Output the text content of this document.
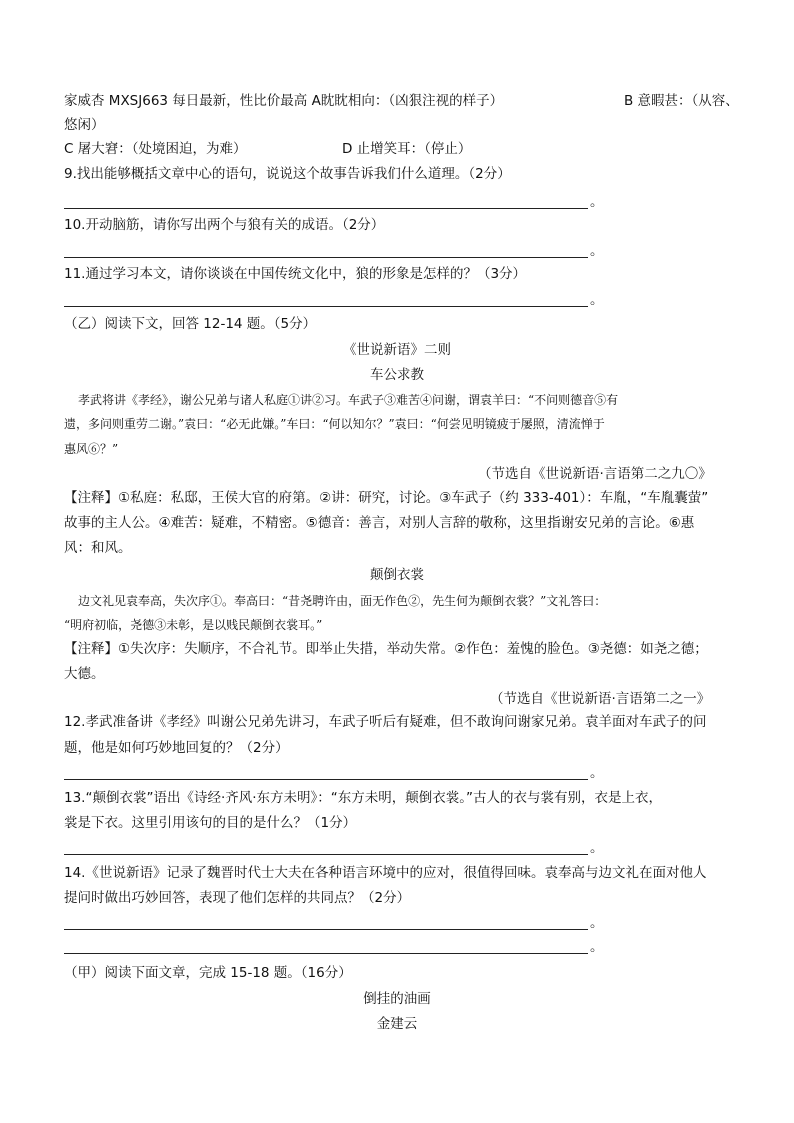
家威杏 MXSJ663 每日最新，性比价最高 A眈眈相向：（凶狠注视的样子）	B 意暇甚：（从容、
悠闲）
C 屠大窘：（处境困迫，为难）	D 止增笑耳：（停止）
9.找出能够概括文章中心的语句，说说这个故事告诉我们什么道理。（2分）
。
10.开动脑筋，请你写出两个与狼有关的成语。（2分）
。
11.通过学习本文，请你谈谈在中国传统文化中，狼的形象是怎样的？（3分）
。
（乙）阅读下文，回答 12-14 题。（5分）
《世说新语》二则
车公求教
孝武将讲《孝经》，谢公兄弟与诸人私庭①讲②习。车武子③难苦④问谢，谓袁羊曰：“不问则德音⑤有
遗，多问则重劳二谢。”袁曰：“必无此嫌。”车曰：“何以知尔？”袁曰：“何尝见明镜疲于屡照，清流惮于
惠风⑥？”
（节选自《世说新语·言语第二之九〇》
【注释】①私庭：私邸，王侯大官的府第。②讲：研究，讨论。③车武子（约 333-401）：车胤，“车胤囊萤”
故事的主人公。④难苦：疑难，不精密。⑤德音：善言，对别人言辞的敬称，这里指谢安兄弟的言论。⑥惠
风：和风。
颠倒衣裳
边文礼见袁奉高，失次序①。奉高曰：“昔尧聘许由，面无作色②，先生何为颠倒衣裳？”文礼答曰：
“明府初临，尧德③未彰，是以贱民颠倒衣裳耳。”
【注释】①失次序：失顺序，不合礼节。即举止失措，举动失常。②作色：羞愧的脸色。③尧德：如尧之德；
大德。
（节选自《世说新语·言语第二之一》
12.孝武准备讲《孝经》叫谢公兄弟先讲习，车武子听后有疑难，但不敢询问谢家兄弟。袁羊面对车武子的问
题，他是如何巧妙地回复的？（2分）
。
13.“颠倒衣裳”语出《诗经·齐风·东方未明》：“东方未明，颠倒衣裳。”古人的衣与裳有别，衣是上衣，
裳是下衣。这里引用该句的目的是什么？（1分）
。
14.《世说新语》记录了魏晋时代士大夫在各种语言环境中的应对，很值得回味。袁奉高与边文礼在面对他人
提问时做出巧妙回答，表现了他们怎样的共同点？（2分）
。
。
（甲）阅读下面文章，完成 15-18 题。（16分）
倒挂的油画
金建云
